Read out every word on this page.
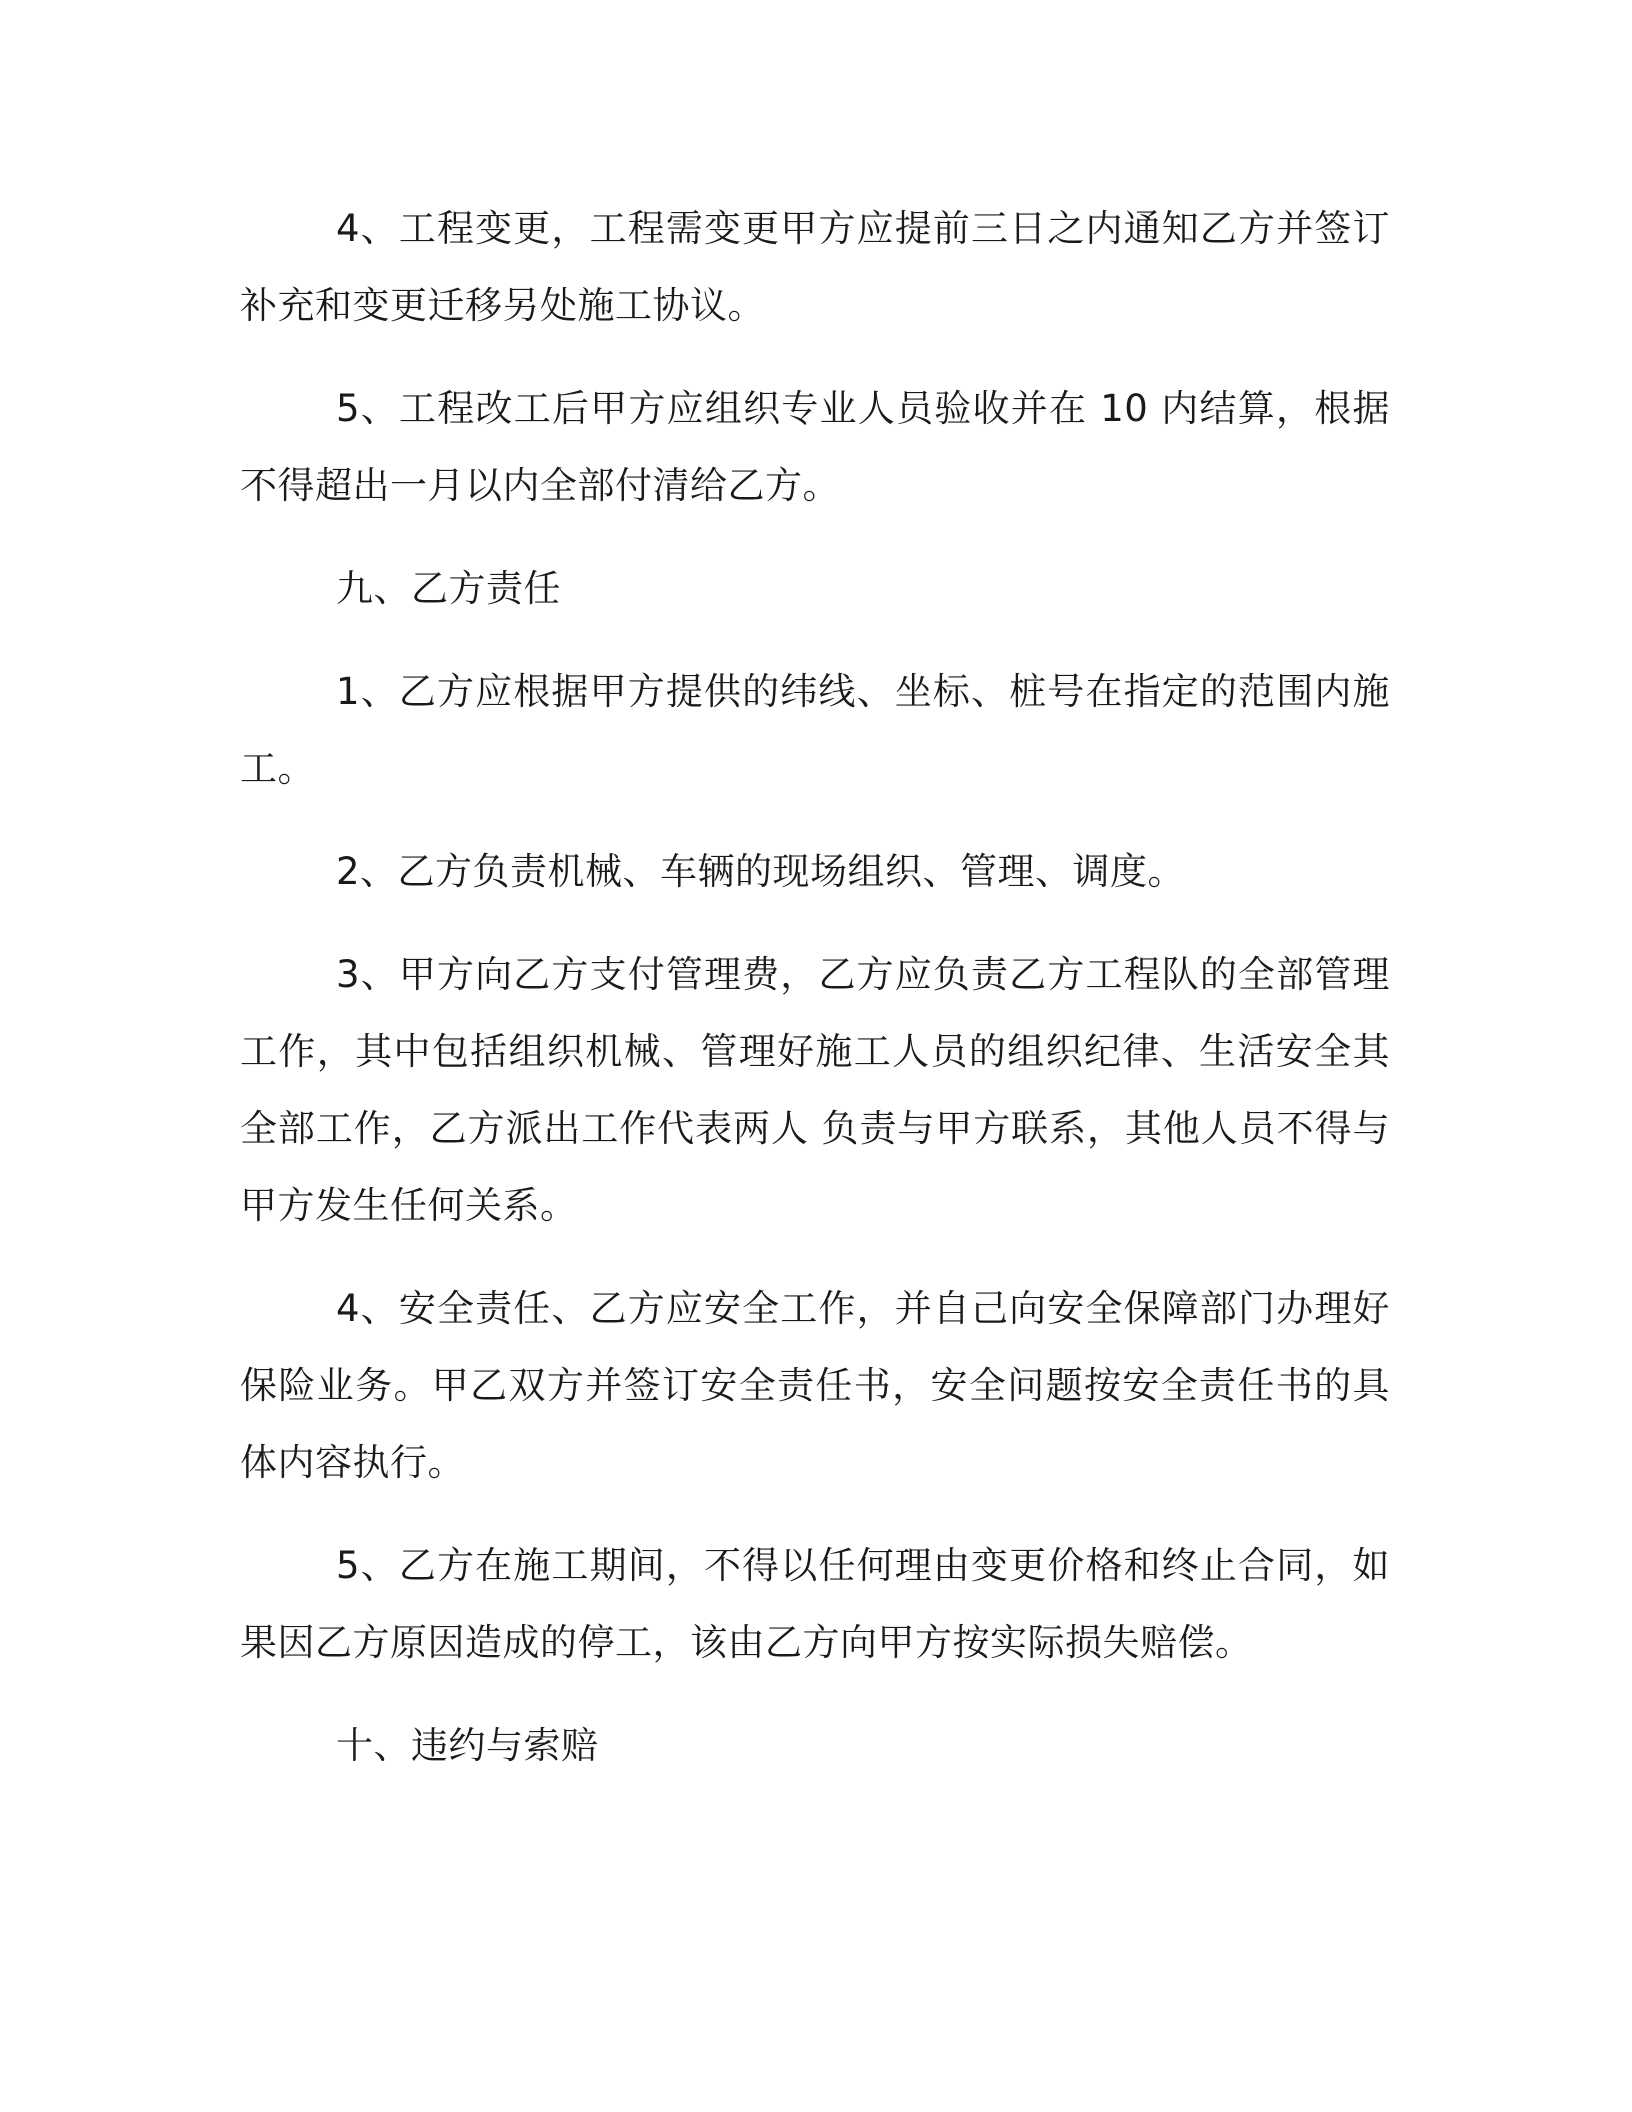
4、工程变更，工程需变更甲方应提前三日之内通知乙方并签订补充和变更迁移另处施工协议。

5、工程改工后甲方应组织专业人员验收并在 10 内结算，根据不得超出一月以内全部付清给乙方。

九、乙方责任

1、乙方应根据甲方提供的纬线、坐标、桩号在指定的范围内施工。

2、乙方负责机械、车辆的现场组织、管理、调度。

3、甲方向乙方支付管理费，乙方应负责乙方工程队的全部管理工作，其中包括组织机械、管理好施工人员的组织纪律、生活安全其全部工作，乙方派出工作代表两人 负责与甲方联系，其他人员不得与甲方发生任何关系。

4、安全责任、乙方应安全工作，并自己向安全保障部门办理好保险业务。甲乙双方并签订安全责任书，安全问题按安全责任书的具体内容执行。

5、乙方在施工期间，不得以任何理由变更价格和终止合同，如果因乙方原因造成的停工，该由乙方向甲方按实际损失赔偿。

十、违约与索赔
